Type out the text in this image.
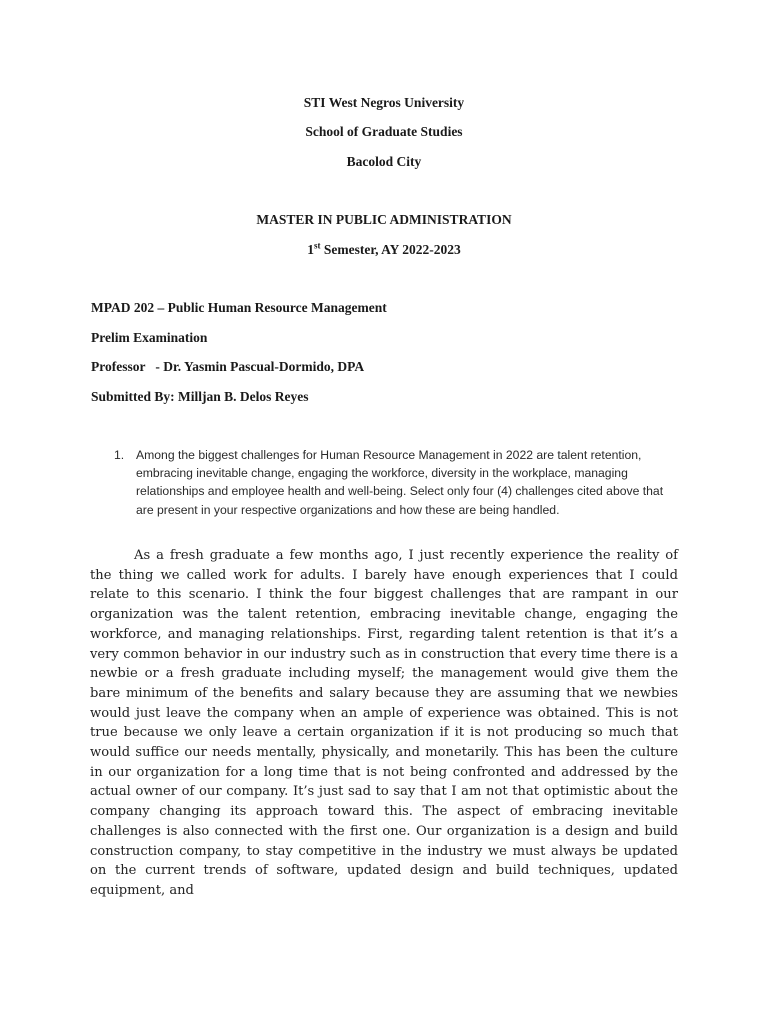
STI West Negros University
School of Graduate Studies
Bacolod City
MASTER IN PUBLIC ADMINISTRATION
1st Semester, AY 2022-2023
MPAD 202 – Public Human Resource Management
Prelim Examination
Professor   - Dr. Yasmin Pascual-Dormido, DPA
Submitted By: Milljan B. Delos Reyes
1. Among the biggest challenges for Human Resource Management in 2022 are talent retention, embracing inevitable change, engaging the workforce, diversity in the workplace, managing relationships and employee health and well-being. Select only four (4) challenges cited above that are present in your respective organizations and how these are being handled.

As a fresh graduate a few months ago, I just recently experience the reality of the thing we called work for adults. I barely have enough experiences that I could relate to this scenario. I think the four biggest challenges that are rampant in our organization was the talent retention, embracing inevitable change, engaging the workforce, and managing relationships. First, regarding talent retention is that it’s a very common behavior in our industry such as in construction that every time there is a newbie or a fresh graduate including myself; the management would give them the bare minimum of the benefits and salary because they are assuming that we newbies would just leave the company when an ample of experience was obtained. This is not true because we only leave a certain organization if it is not producing so much that would suffice our needs mentally, physically, and monetarily. This has been the culture in our organization for a long time that is not being confronted and addressed by the actual owner of our company. It’s just sad to say that I am not that optimistic about the company changing its approach toward this. The aspect of embracing inevitable challenges is also connected with the first one. Our organization is a design and build construction company, to stay competitive in the industry we must always be updated on the current trends of software, updated design and build techniques, updated equipment, and
